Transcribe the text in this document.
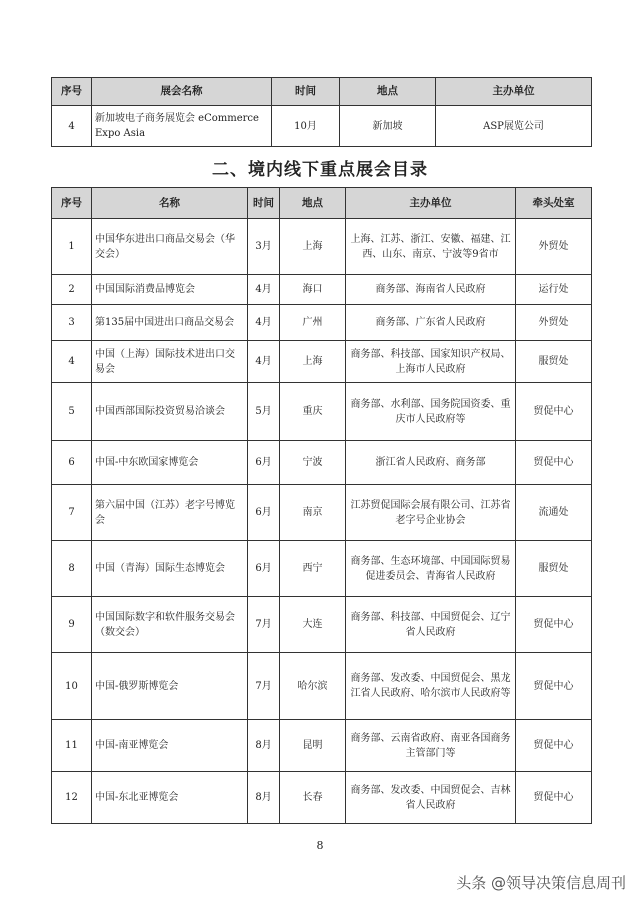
序号	展会名称	时间	地点	主办单位
4	新加坡电子商务展览会 eCommerce Expo Asia	10月	新加坡	ASP展览公司
二、境内线下重点展会目录
序号	名称	时间	地点	主办单位	牵头处室
1	中国华东进出口商品交易会（华交会）	3月	上海	上海、江苏、浙江、安徽、福建、江西、山东、南京、宁波等9省市	外贸处
2	中国国际消费品博览会	4月	海口	商务部、海南省人民政府	运行处
3	第135届中国进出口商品交易会	4月	广州	商务部、广东省人民政府	外贸处
4	中国（上海）国际技术进出口交易会	4月	上海	商务部、科技部、国家知识产权局、上海市人民政府	服贸处
5	中国西部国际投资贸易洽谈会	5月	重庆	商务部、水利部、国务院国资委、重庆市人民政府等	贸促中心
6	中国-中东欧国家博览会	6月	宁波	浙江省人民政府、商务部	贸促中心
7	第六届中国（江苏）老字号博览会	6月	南京	江苏贸促国际会展有限公司、江苏省老字号企业协会	流通处
8	中国（青海）国际生态博览会	6月	西宁	商务部、生态环境部、中国国际贸易促进委员会、青海省人民政府	服贸处
9	中国国际数字和软件服务交易会（数交会）	7月	大连	商务部、科技部、中国贸促会、辽宁省人民政府	贸促中心
10	中国-俄罗斯博览会	7月	哈尔滨	商务部、发改委、中国贸促会、黑龙江省人民政府、哈尔滨市人民政府等	贸促中心
11	中国-南亚博览会	8月	昆明	商务部、云南省政府、南亚各国商务主管部门等	贸促中心
12	中国-东北亚博览会	8月	长春	商务部、发改委、中国贸促会、吉林省人民政府	贸促中心
8
头条 @领导决策信息周刊
